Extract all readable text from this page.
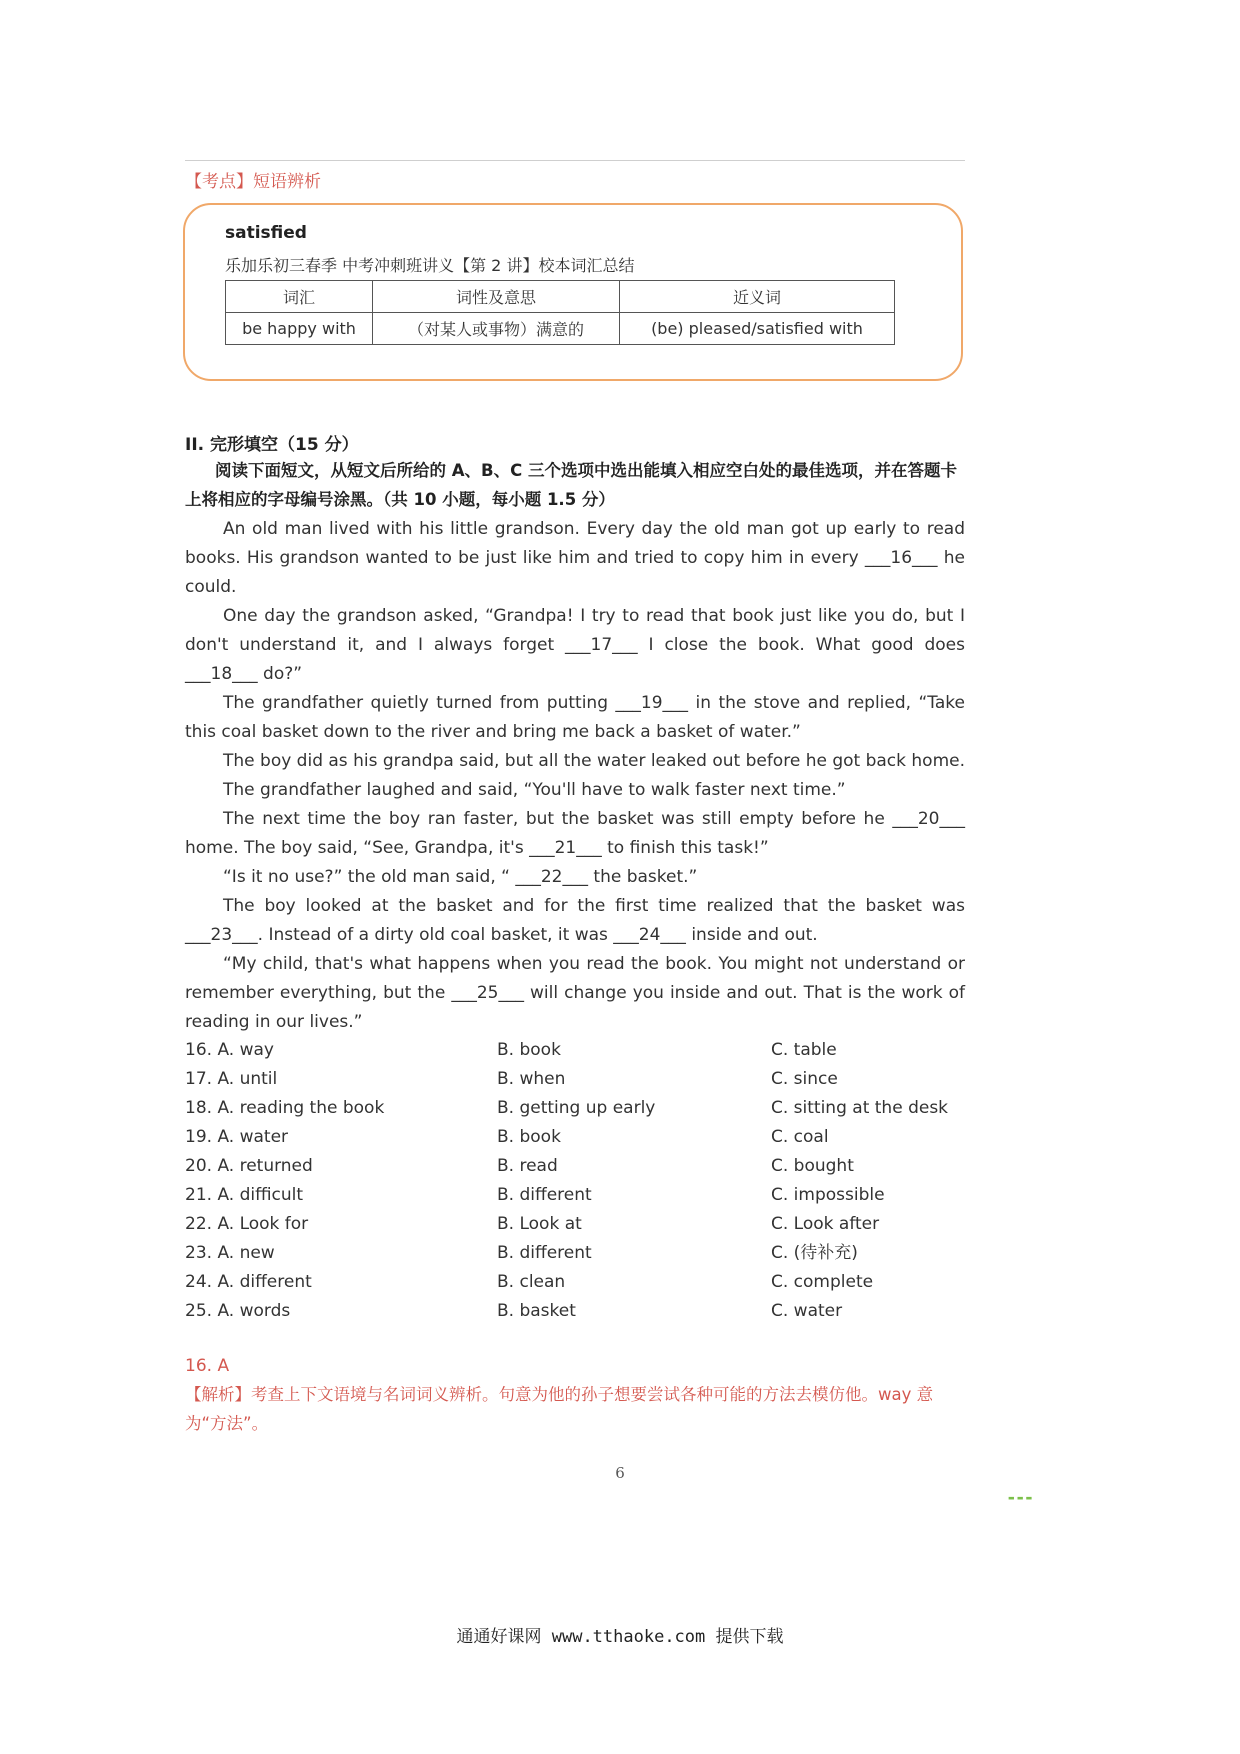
【考点】短语辨析
satisfied
乐加乐初三春季 中考冲刺班讲义【第 2 讲】校本词汇总结
词汇	词性及意思	近义词
be happy with	（对某人或事物）满意的	(be) pleased/satisfied with
II. 完形填空（15 分）
阅读下面短文，从短文后所给的 A、B、C 三个选项中选出能填入相应空白处的最佳选项，并在答题卡上将相应的字母编号涂黑。（共 10 小题，每小题 1.5 分）

An old man lived with his little grandson. Every day the old man got up early to read books. His grandson wanted to be just like him and tried to copy him in every ___16___ he could.

One day the grandson asked, “Grandpa! I try to read that book just like you do, but I don't understand it, and I always forget ___17___ I close the book. What good does ___18___ do?”

The grandfather quietly turned from putting ___19___ in the stove and replied, “Take this coal basket down to the river and bring me back a basket of water.”

The boy did as his grandpa said, but all the water leaked out before he got back home.

The grandfather laughed and said, “You'll have to walk faster next time.”

The next time the boy ran faster, but the basket was still empty before he ___20___ home. The boy said, “See, Grandpa, it's ___21___ to finish this task!”

“Is it no use?” the old man said, “ ___22___ the basket.”

The boy looked at the basket and for the first time realized that the basket was ___23___. Instead of a dirty old coal basket, it was ___24___ inside and out.

“My child, that's what happens when you read the book. You might not understand or remember everything, but the ___25___ will change you inside and out. That is the work of reading in our lives.”

16. A. way	B. book	C. table
17. A. until	B. when	C. since
18. A. reading the book	B. getting up early	C. sitting at the desk
19. A. water	B. book	C. coal
20. A. returned	B. read	C. bought
21. A. difficult	B. different	C. impossible
22. A. Look for	B. Look at	C. Look after
23. A. new	B. different	C. (待补充)
24. A. different	B. clean	C. complete
25. A. words	B. basket	C. water
16. A
【解析】考查上下文语境与名词词义辨析。句意为他的孙子想要尝试各种可能的方法去模仿他。way 意为“方法”。
6
▬ ▬ ▬
通通好课网 www.tthaoke.com 提供下载
